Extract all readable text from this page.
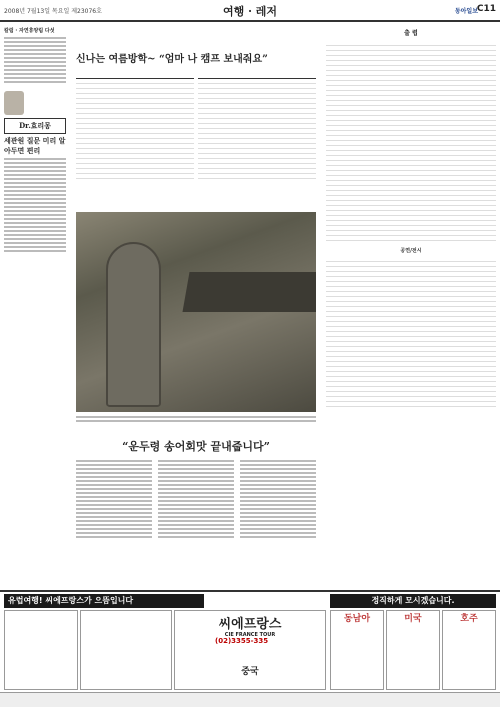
2008년 7월13일 목요일 제23076호	여행 · 레저	동아일보
C11
칼럼 · 자연휴양림 다섯
Dr.효리몽
세관원 질문 미리 알아두면 편리
신나는 여름방학~ “엄마 나 캠프 보내줘요”
“운두령 송어회맛 끝내줍니다”
출 렵
공연/전시
유럽여행! 씨에프랑스가 으뜸입니다
씨에프랑스
CIE FRANCE TOUR
(02)3355-335
중국
정직하게 모시겠습니다.
동남아	미국	호주
